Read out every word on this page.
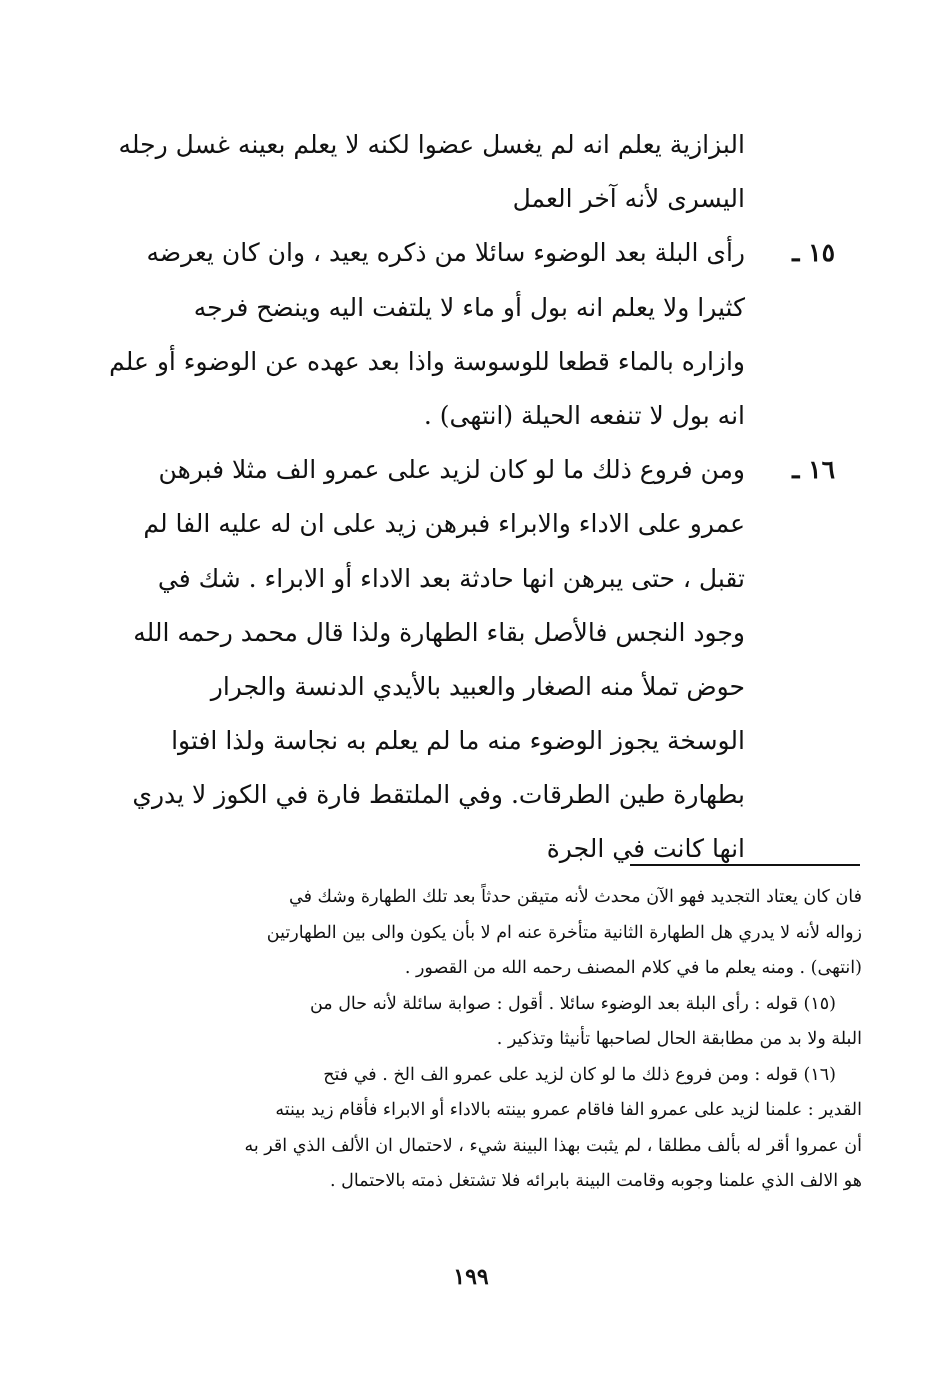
البزازية يعلم انه لم يغسل عضوا لكنه لا يعلم بعينه غسل رجله
اليسرى لأنه آخر العمل
١٥ ـ
رأى البلة بعد الوضوء سائلا من ذكره يعيد ، وان كان يعرضه
كثيرا ولا يعلم انه بول أو ماء لا يلتفت اليه وينضح فرجه
وازاره بالماء قطعا للوسوسة واذا بعد عهده عن الوضوء أو علم
انه بول لا تنفعه الحيلة (انتهى) .
١٦ ـ
ومن فروع ذلك ما لو كان لزيد على عمرو الف مثلا فبرهن
عمرو على الاداء والابراء فبرهن زيد على ان له عليه الفا لم
تقبل ، حتى يبرهن انها حادثة بعد الاداء أو الابراء . شك في
وجود النجس فالأصل بقاء الطهارة ولذا قال محمد رحمه الله
حوض تملأ منه الصغار والعبيد بالأيدي الدنسة والجرار
الوسخة يجوز الوضوء منه ما لم يعلم به نجاسة ولذا افتوا
بطهارة طين الطرقات. وفي الملتقط فارة في الكوز لا يدري
انها كانت في الجرة
فان كان يعتاد التجديد فهو الآن محدث لأنه متيقن حدثاً بعد تلك الطهارة وشك في
زواله لأنه لا يدري هل الطهارة الثانية متأخرة عنه ام لا بأن يكون والى بين الطهارتين
(انتهى) . ومنه يعلم ما في كلام المصنف رحمه الله من القصور .
(١٥) قوله : رأى البلة بعد الوضوء سائلا . أقول : صوابة سائلة لأنه حال من
البلة ولا بد من مطابقة الحال لصاحبها تأنيثا وتذكير .
(١٦) قوله : ومن فروع ذلك ما لو كان لزيد على عمرو الف الخ . في فتح
القدير : علمنا لزيد على عمرو الفا فاقام عمرو بينته بالاداء أو الابراء فأقام زيد بينته
أن عمروا أقر له بألف مطلقا ، لم يثبت بهذا البينة شيء ، لاحتمال ان الألف الذي اقر به
هو الالف الذي علمنا وجوبه وقامت البينة بابرائه فلا تشتغل ذمته بالاحتمال .
١٩٩
